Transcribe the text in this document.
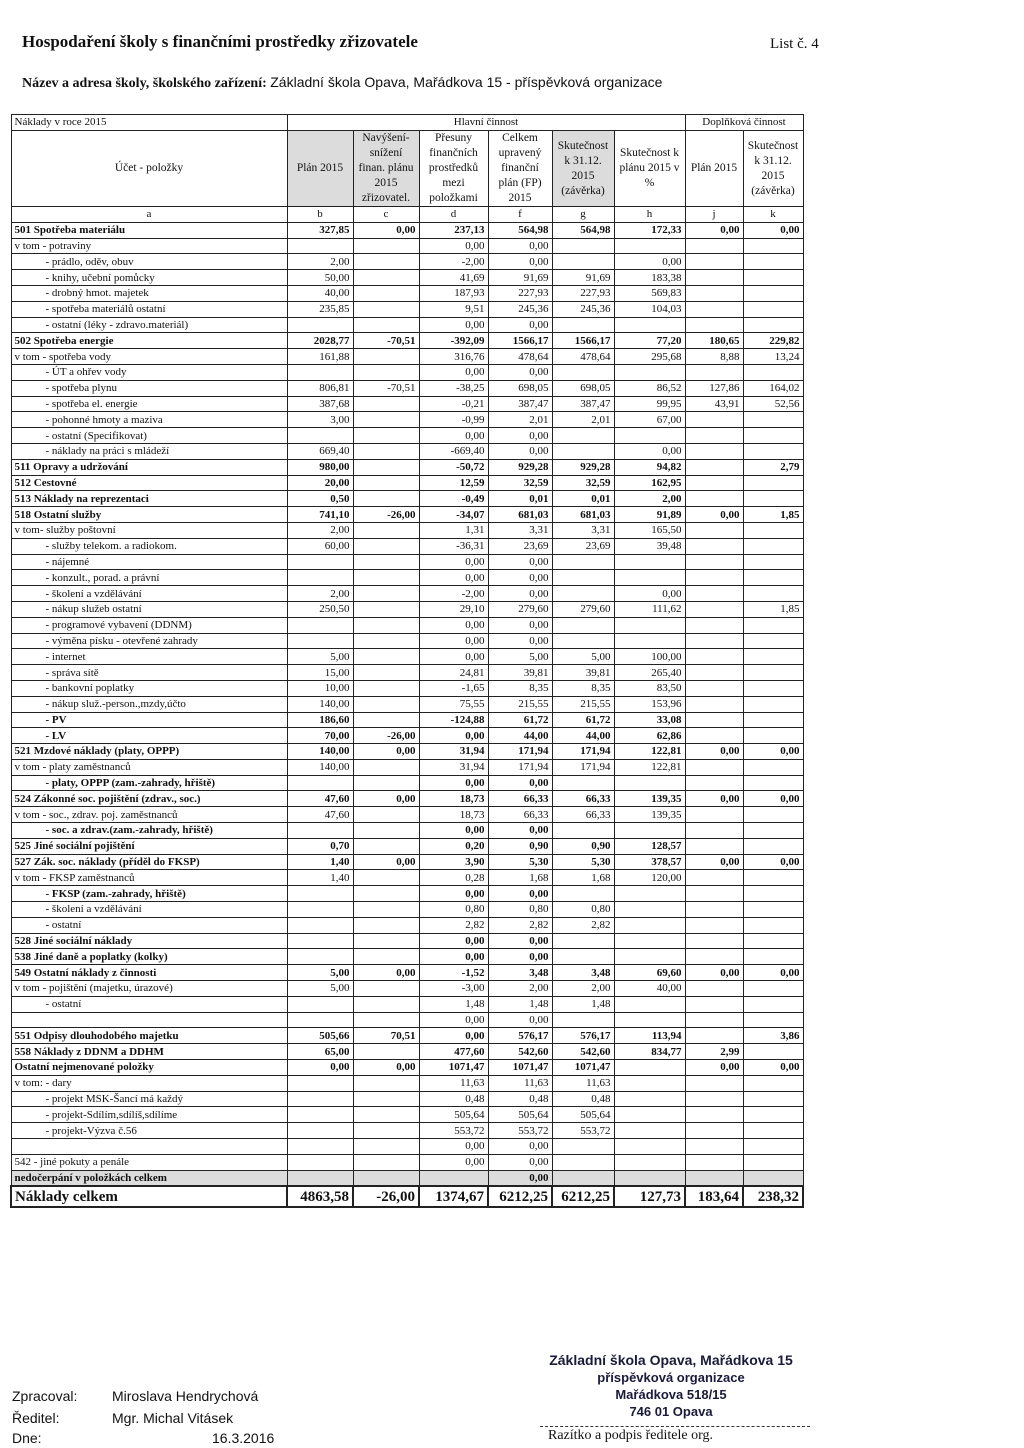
Hospodaření školy s finančními prostředky zřizovatele	List č. 4
Název a adresa školy, školského zařízení: Základní škola Opava, Mařádkova 15 - příspěvková organizace
Náklady v roce 2015	Hlavní činnost						Doplňková činnost	
Účet - položky	Plán 2015	Navýšení- snížení finan. plánu 2015 zřizovatel.	Přesuny finančních prostředků mezi položkami	Celkem upravený finanční plán (FP) 2015	Skutečnost k 31.12. 2015 (závěrka)	Skutečnost k plánu 2015 v %	Plán 2015	Skutečnost k 31.12. 2015 (závěrka)
a	b	c	d	f	g	h	j	k
501 Spotřeba materiálu	327,85	0,00	237,13	564,98	564,98	172,33	0,00	0,00
v tom - potraviny			0,00	0,00				
- prádlo, oděv, obuv	2,00		-2,00	0,00		0,00		
- knihy, učební pomůcky	50,00		41,69	91,69	91,69	183,38		
- drobný hmot. majetek	40,00		187,93	227,93	227,93	569,83		
- spotřeba materiálů ostatní	235,85		9,51	245,36	245,36	104,03		
- ostatní (léky - zdravo.materiál)			0,00	0,00				
502 Spotřeba energie	2028,77	-70,51	-392,09	1566,17	1566,17	77,20	180,65	229,82
v tom - spotřeba vody	161,88		316,76	478,64	478,64	295,68	8,88	13,24
- ÚT a ohřev vody			0,00	0,00				
- spotřeba plynu	806,81	-70,51	-38,25	698,05	698,05	86,52	127,86	164,02
- spotřeba el. energie	387,68		-0,21	387,47	387,47	99,95	43,91	52,56
- pohonné hmoty a maziva	3,00		-0,99	2,01	2,01	67,00		
- ostatní (Specifikovat)			0,00	0,00				
- náklady na práci s mládeží	669,40		-669,40	0,00		0,00		
511 Opravy a udržování	980,00		-50,72	929,28	929,28	94,82		2,79
512 Cestovné	20,00		12,59	32,59	32,59	162,95		
513 Náklady na reprezentaci	0,50		-0,49	0,01	0,01	2,00		
518 Ostatní služby	741,10	-26,00	-34,07	681,03	681,03	91,89	0,00	1,85
v tom- služby poštovní	2,00		1,31	3,31	3,31	165,50		
- služby telekom. a radiokom.	60,00		-36,31	23,69	23,69	39,48		
- nájemné			0,00	0,00				
- konzult., porad. a právní			0,00	0,00				
- školení a vzdělávání	2,00		-2,00	0,00		0,00		
- nákup služeb ostatní	250,50		29,10	279,60	279,60	111,62		1,85
- programové vybavení (DDNM)			0,00	0,00				
- výměna písku - otevřené zahrady			0,00	0,00				
- internet	5,00		0,00	5,00	5,00	100,00		
- správa sítě	15,00		24,81	39,81	39,81	265,40		
- bankovní poplatky	10,00		-1,65	8,35	8,35	83,50		
- nákup služ.-person.,mzdy,účto	140,00		75,55	215,55	215,55	153,96		
- PV	186,60		-124,88	61,72	61,72	33,08		
- LV	70,00	-26,00	0,00	44,00	44,00	62,86		
521 Mzdové náklady (platy, OPPP)	140,00	0,00	31,94	171,94	171,94	122,81	0,00	0,00
v tom - platy zaměstnanců	140,00		31,94	171,94	171,94	122,81		
- platy, OPPP (zam.-zahrady, hřiště)			0,00	0,00				
524 Zákonné soc. pojištění (zdrav., soc.)	47,60	0,00	18,73	66,33	66,33	139,35	0,00	0,00
v tom - soc., zdrav. poj. zaměstnanců	47,60		18,73	66,33	66,33	139,35		
- soc. a zdrav.(zam.-zahrady, hřiště)			0,00	0,00				
525 Jiné sociální pojištění	0,70		0,20	0,90	0,90	128,57		
527 Zák. soc. náklady (příděl do FKSP)	1,40	0,00	3,90	5,30	5,30	378,57	0,00	0,00
v tom - FKSP zaměstnanců	1,40		0,28	1,68	1,68	120,00		
- FKSP (zam.-zahrady, hřiště)			0,00	0,00				
- školení a vzdělávání			0,80	0,80	0,80			
- ostatní			2,82	2,82	2,82			
528 Jiné sociální náklady			0,00	0,00				
538 Jiné daně a poplatky (kolky)			0,00	0,00				
549 Ostatní náklady z činnosti	5,00	0,00	-1,52	3,48	3,48	69,60	0,00	0,00
v tom - pojištění (majetku, úrazové)	5,00		-3,00	2,00	2,00	40,00		
- ostatní			1,48	1,48	1,48			
			0,00	0,00				
551 Odpisy dlouhodobého majetku	505,66	70,51	0,00	576,17	576,17	113,94		3,86
558 Náklady z DDNM a DDHM	65,00		477,60	542,60	542,60	834,77	2,99	
Ostatní nejmenované položky	0,00	0,00	1071,47	1071,47	1071,47		0,00	0,00
v tom: - dary			11,63	11,63	11,63			
- projekt MSK-Šancí má každý			0,48	0,48	0,48			
- projekt-Sdílím,sdílíš,sdílíme			505,64	505,64	505,64			
- projekt-Výzva č.56			553,72	553,72	553,72			
			0,00	0,00				
542 - jiné pokuty a penále			0,00	0,00				
nedočerpání v položkách celkem				0,00				
Náklady celkem	4863,58	-26,00	1374,67	6212,25	6212,25	127,73	183,64	238,32
Zpracoval: Miroslava Hendrychová
Ředitel:	Mgr. Michal Vitásek
Dne:	16.3.2016
Základní škola Opava, Mařádkova 15
příspěvková organizace
Mařádkova 518/15
746 01 Opava
Razítko a podpis ředitele org.
